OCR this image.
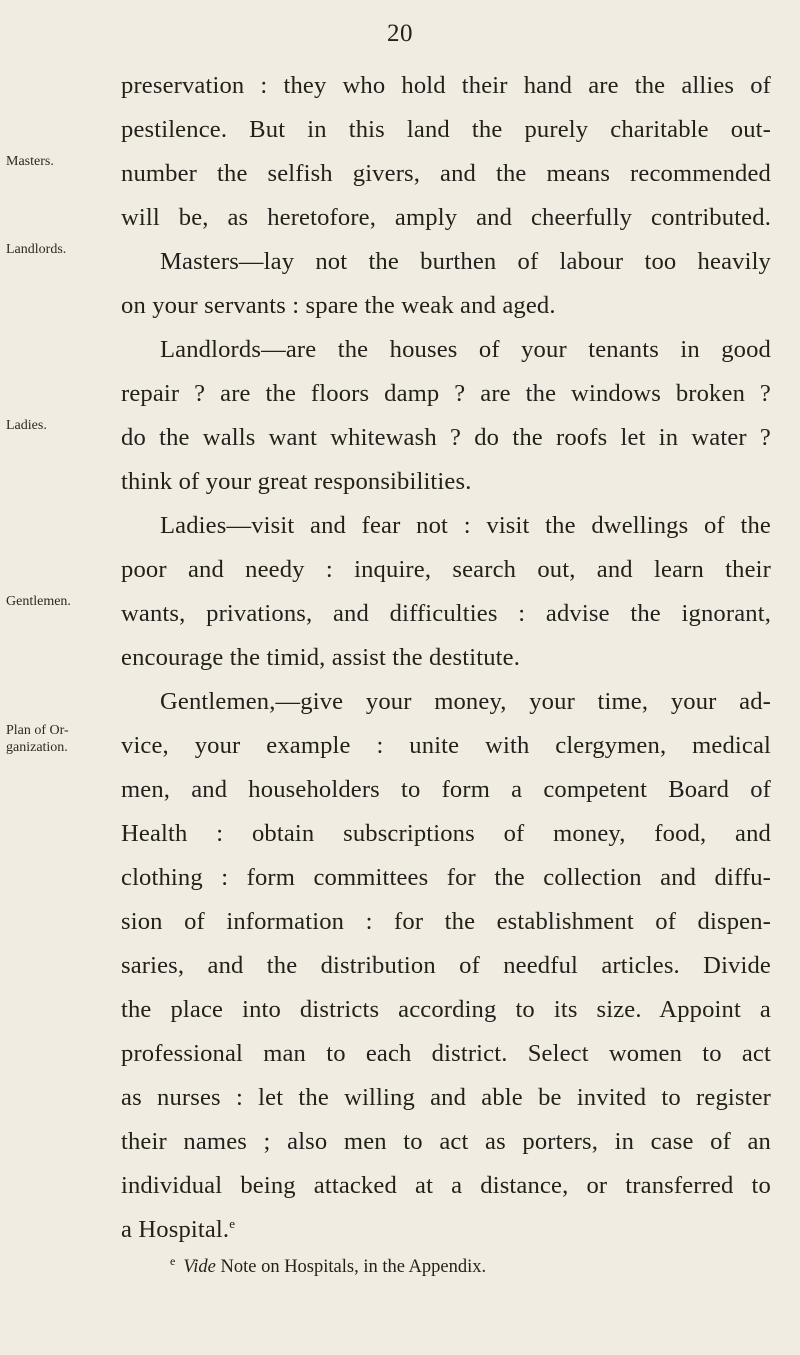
20
Masters.
Landlords.
Ladies.
Gentlemen.
Plan of Or-
ganization.
preservation : they who hold their hand are the allies of
pestilence. But in this land the purely charitable out-
number the selfish givers, and the means recommended
will be, as heretofore, amply and cheerfully contributed.
Masters—lay not the burthen of labour too heavily
on your servants : spare the weak and aged.
Landlords—are the houses of your tenants in good
repair ? are the floors damp ? are the windows broken ?
do the walls want whitewash ? do the roofs let in water ?
think of your great responsibilities.
Ladies—visit and fear not : visit the dwellings of the
poor and needy : inquire, search out, and learn their
wants, privations, and difficulties : advise the ignorant,
encourage the timid, assist the destitute.
Gentlemen,—give your money, your time, your ad-
vice, your example : unite with clergymen, medical
men, and householders to form a competent Board of
Health : obtain subscriptions of money, food, and
clothing : form committees for the collection and diffu-
sion of information : for the establishment of dispen-
saries, and the distribution of needful articles. Divide
the place into districts according to its size. Appoint a
professional man to each district. Select women to act
as nurses : let the willing and able be invited to register
their names ; also men to act as porters, in case of an
individual being attacked at a distance, or transferred to
a Hospital.$^e$
$^e$ Vide Note on Hospitals, in the Appendix.
